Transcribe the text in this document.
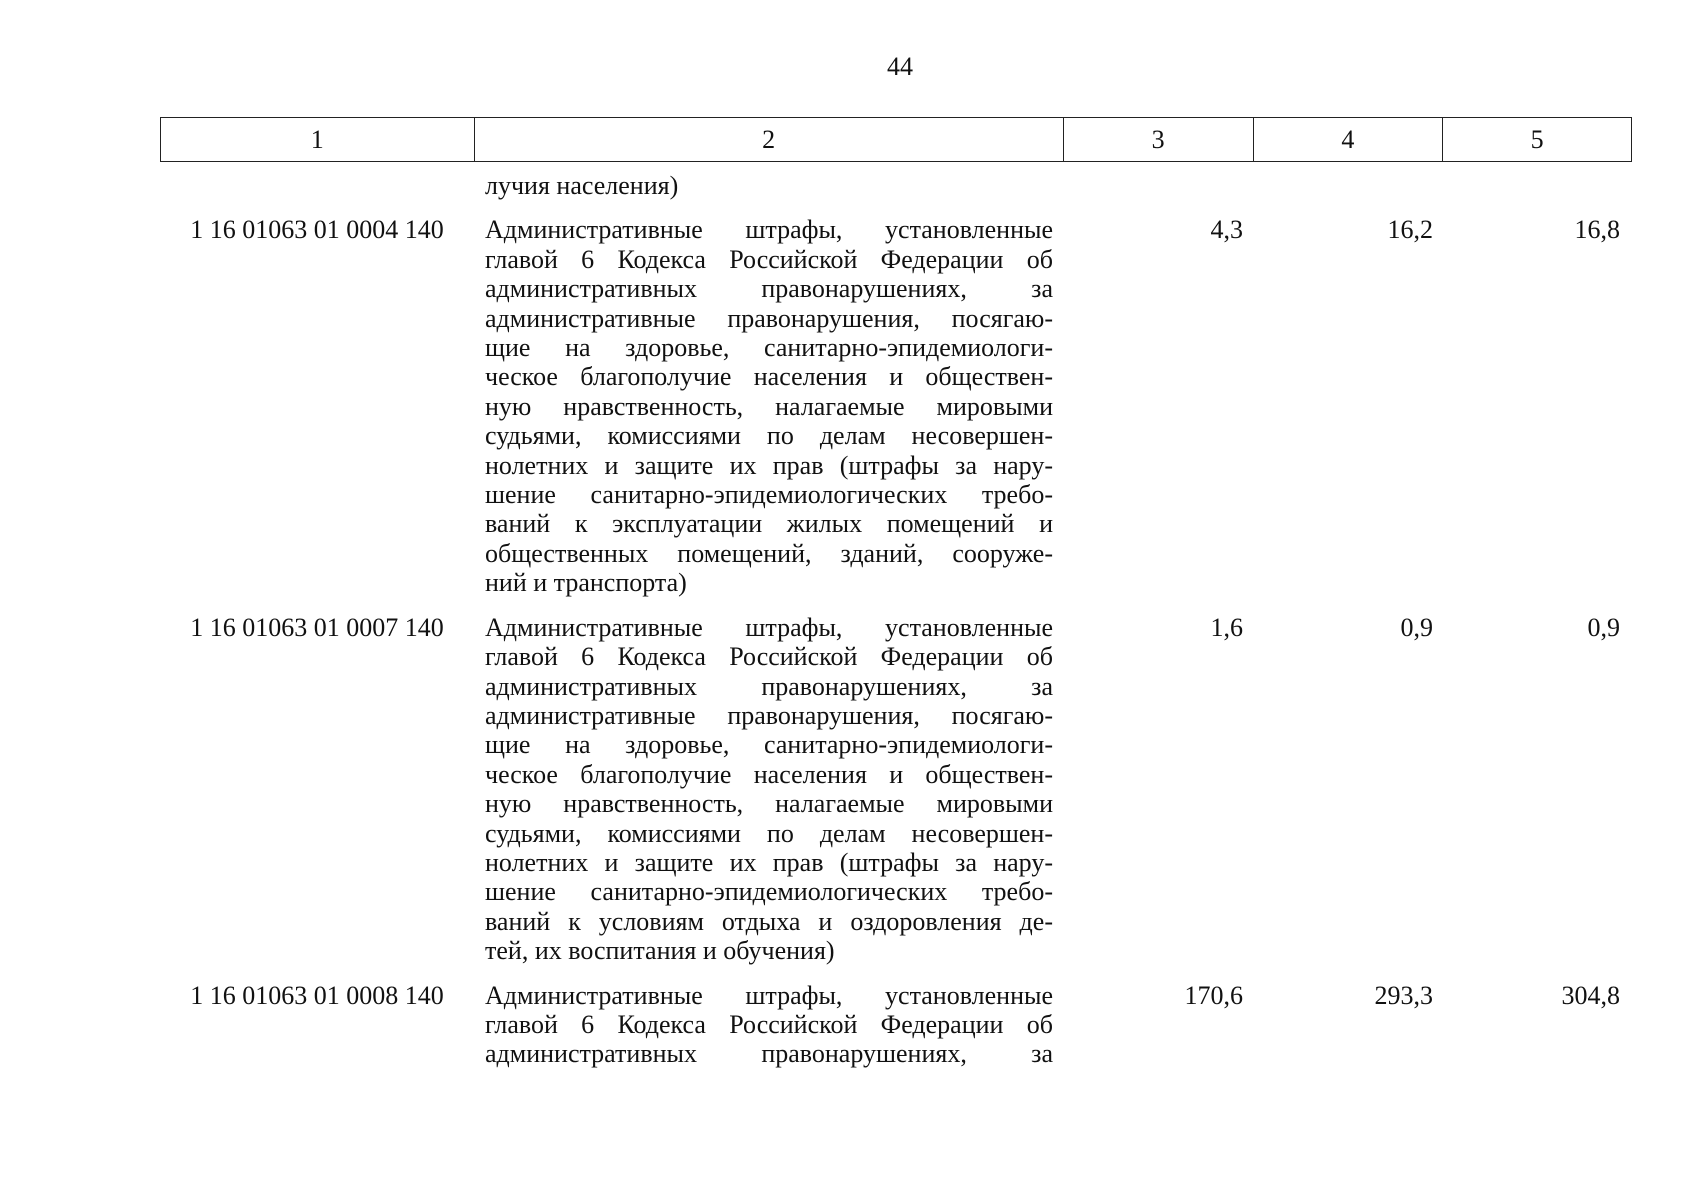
44
1	2	3	4	5
лучия населения)
1 16 01063 01 0004 140	Административные штрафы, установленные
главой 6 Кодекса Российской Федерации об
административных правонарушениях, за
административные правонарушения, посягаю-
щие на здоровье, санитарно-эпидемиологи-
ческое благополучие населения и обществен-
ную нравственность, налагаемые мировыми
судьями, комиссиями по делам несовершен-
нолетних и защите их прав (штрафы за нару-
шение санитарно-эпидемиологических требо-
ваний к эксплуатации жилых помещений и
общественных помещений, зданий, сооруже-
ний и транспорта)
4,3	16,2	16,8
1 16 01063 01 0007 140	Административные штрафы, установленные
главой 6 Кодекса Российской Федерации об
административных правонарушениях, за
административные правонарушения, посягаю-
щие на здоровье, санитарно-эпидемиологи-
ческое благополучие населения и обществен-
ную нравственность, налагаемые мировыми
судьями, комиссиями по делам несовершен-
нолетних и защите их прав (штрафы за нару-
шение санитарно-эпидемиологических требо-
ваний к условиям отдыха и оздоровления де-
тей, их воспитания и обучения)
1,6	0,9	0,9
1 16 01063 01 0008 140	Административные штрафы, установленные
главой 6 Кодекса Российской Федерации об
административных правонарушениях, за
170,6	293,3	304,8
